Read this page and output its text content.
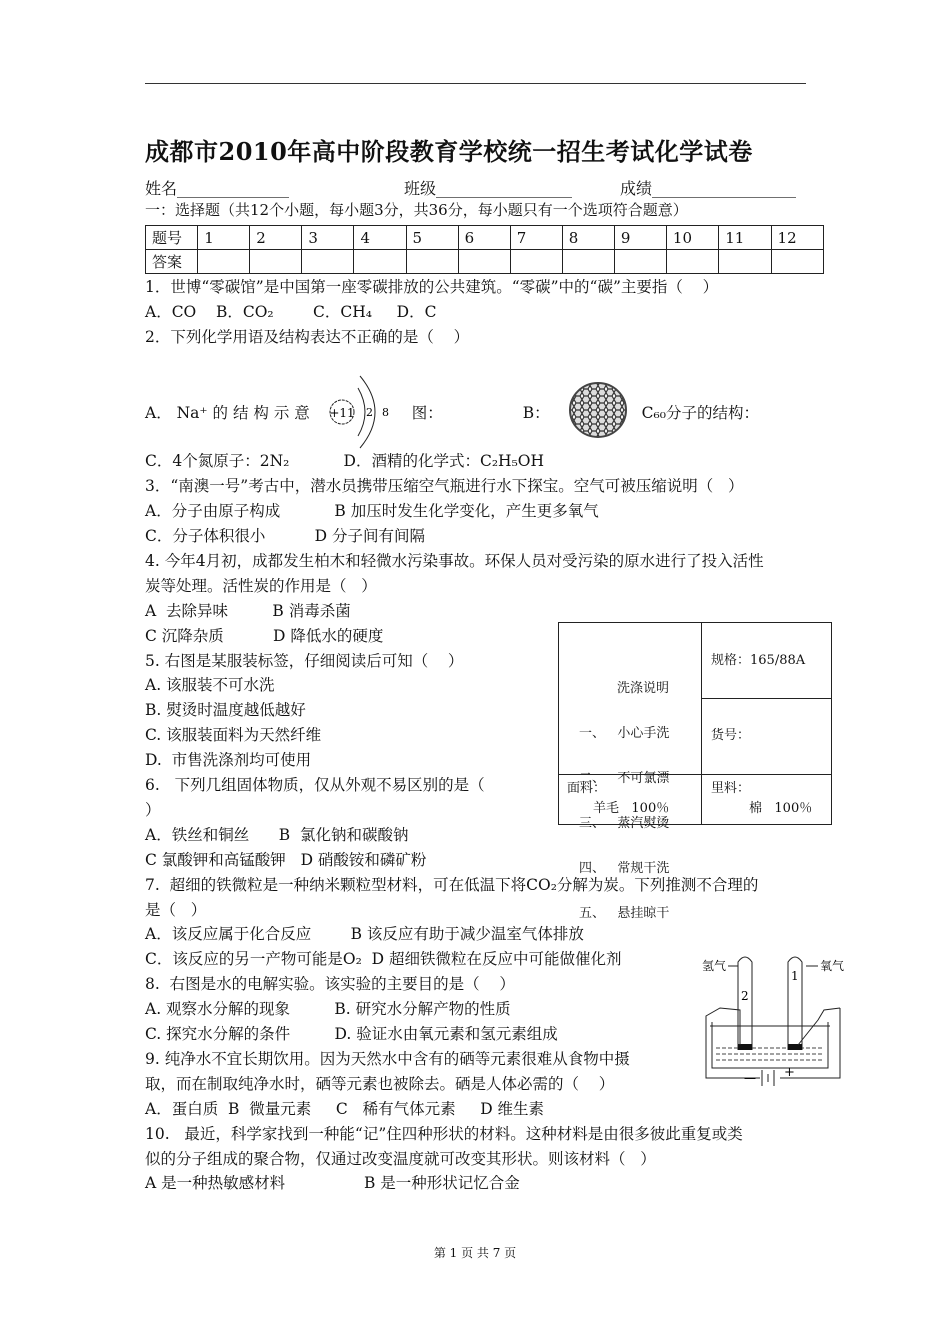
成都市2010年高中阶段教育学校统一招生考试化学试卷
姓名______________	班级_________________	成绩__________________
一：选择题（共12个小题，每小题3分，共36分，每小题只有一个选项符合题意）
题号	1	2	3	4	5	6	7	8	9	10	11	12
答案												
1．世博“零碳馆”是中国第一座零碳排放的公共建筑。“零碳”中的“碳”主要指（    ）
A．CO    B．CO₂        C．CH₄     D．C
2．下列化学用语及结构表达不正确的是（    ）
C．4个氮原子：2N₂           D．酒精的化学式：C₂H₅OH
3．“南澳一号”考古中，潜水员携带压缩空气瓶进行水下探宝。空气可被压缩说明（   ）
A．分子由原子构成           B 加压时发生化学变化，产生更多氧气
C．分子体积很小          D 分子间有间隔
4. 今年4月初，成都发生柏木和轻微水污染事故。环保人员对受污染的原水进行了投入活性
炭等处理。活性炭的作用是（   ）
A  去除异味         B 消毒杀菌
C 沉降杂质          D 降低水的硬度
5. 右图是某服装标签，仔细阅读后可知（    ）
A. 该服装不可水洗
B. 熨烫时温度越低越好
C. 该服装面料为天然纤维
D.  市售洗涤剂均可使用
6.   下列几组固体物质，仅从外观不易区别的是（
）
A．铁丝和铜丝      B  氯化钠和碳酸钠
C 氯酸钾和高锰酸钾   D 硝酸铵和磷矿粉
7.  超细的铁微粒是一种纳米颗粒型材料，可在低温下将CO₂分解为炭。下列推测不合理的
是（   ）
A．该反应属于化合反应        B 该反应有助于减少温室气体排放
C．该反应的另一产物可能是O₂  D 超细铁微粒在反应中可能做催化剂
8.  右图是水的电解实验。该实验的主要目的是（    ）
A. 观察水分解的现象         B. 研究水分解产物的性质
C. 探究水分解的条件         D. 验证水由氧元素和氢元素组成
9. 纯净水不宜长期饮用。因为天然水中含有的硒等元素很难从食物中摄
取，而在制取纯净水时，硒等元素也被除去。硒是人体必需的（    ）
A．蛋白质  B  微量元素     C   稀有气体元素     D 维生素
10.   最近，科学家找到一种能“记”住四种形状的材料。这种材料是由很多彼此重复或类
似的分子组成的聚合物，仅通过改变温度就可改变其形状。则该材料（   ）
A 是一种热敏感材料                B 是一种形状记忆合金
A． Na⁺ 的 结 构 示 意 +11 2 8 图：	B：	C₆₀分子的结构：

洗涤说明

一、   小心手洗

二、   不可氯漂

三、   蒸汽熨烫

四、   常规干洗

五、   悬挂晾干

规格：165/88A
货号：
面料：
羊毛   100％
里料：
棉   100％
氢气	氧气
2
1
— +
第 1 页 共 7 页
